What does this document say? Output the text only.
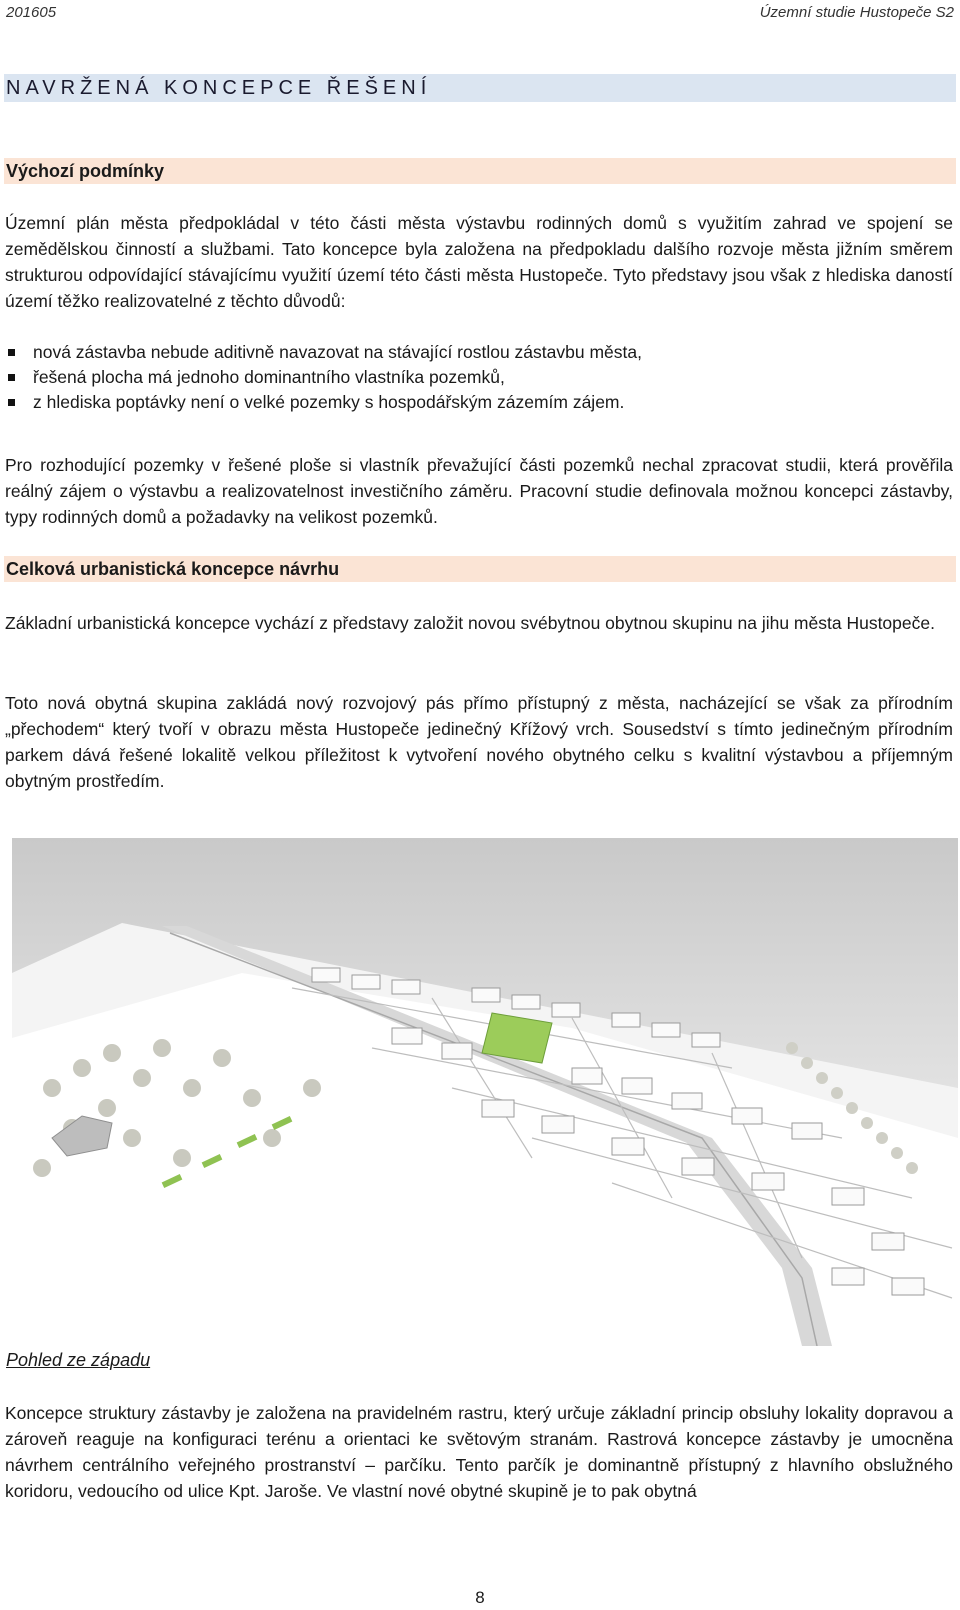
201605	Územní studie Hustopeče S2
NAVRŽENÁ KONCEPCE ŘEŠENÍ
Výchozí podmínky

Územní plán města předpokládal v této části města výstavbu rodinných domů s využitím zahrad ve spojení se zemědělskou činností a službami. Tato koncepce byla založena na předpokladu dalšího rozvoje města jižním směrem strukturou odpovídající stávajícímu využití území této části města Hustopeče. Tyto představy jsou však z hlediska daností území těžko realizovatelné z těchto důvodů:

nová zástavba nebude aditivně navazovat na stávající rostlou zástavbu města,
řešená plocha má jednoho dominantního vlastníka pozemků,
z hlediska poptávky není o velké pozemky s hospodářským zázemím zájem.

Pro rozhodující pozemky v řešené ploše si vlastník převažující části pozemků nechal zpracovat studii, která prověřila reálný zájem o výstavbu a realizovatelnost investičního záměru. Pracovní studie definovala možnou koncepci zástavby, typy rodinných domů a požadavky na velikost pozemků.

Celková urbanistická koncepce návrhu

Základní urbanistická koncepce vychází z představy založit novou svébytnou obytnou skupinu na jihu města Hustopeče.

Toto nová obytná skupina zakládá nový rozvojový pás přímo přístupný z města, nacházející se však za přírodním „přechodem“ který tvoří v obrazu města Hustopeče jedinečný Křížový vrch. Sousedství s tímto jedinečným přírodním parkem dává řešené lokalitě velkou příležitost k vytvoření nového obytného celku s kvalitní výstavbou a příjemným obytným prostředím.

Pohled ze západu

Koncepce struktury zástavby je založena na pravidelném rastru, který určuje základní princip obsluhy lokality dopravou a zároveň reaguje na konfiguraci terénu a orientaci ke světovým stranám. Rastrová koncepce zástavby je umocněna návrhem centrálního veřejného prostranství – parčíku. Tento parčík je dominantně přístupný z hlavního obslužného koridoru, vedoucího od ulice Kpt. Jaroše. Ve vlastní nové obytné skupině je to pak obytná

8
